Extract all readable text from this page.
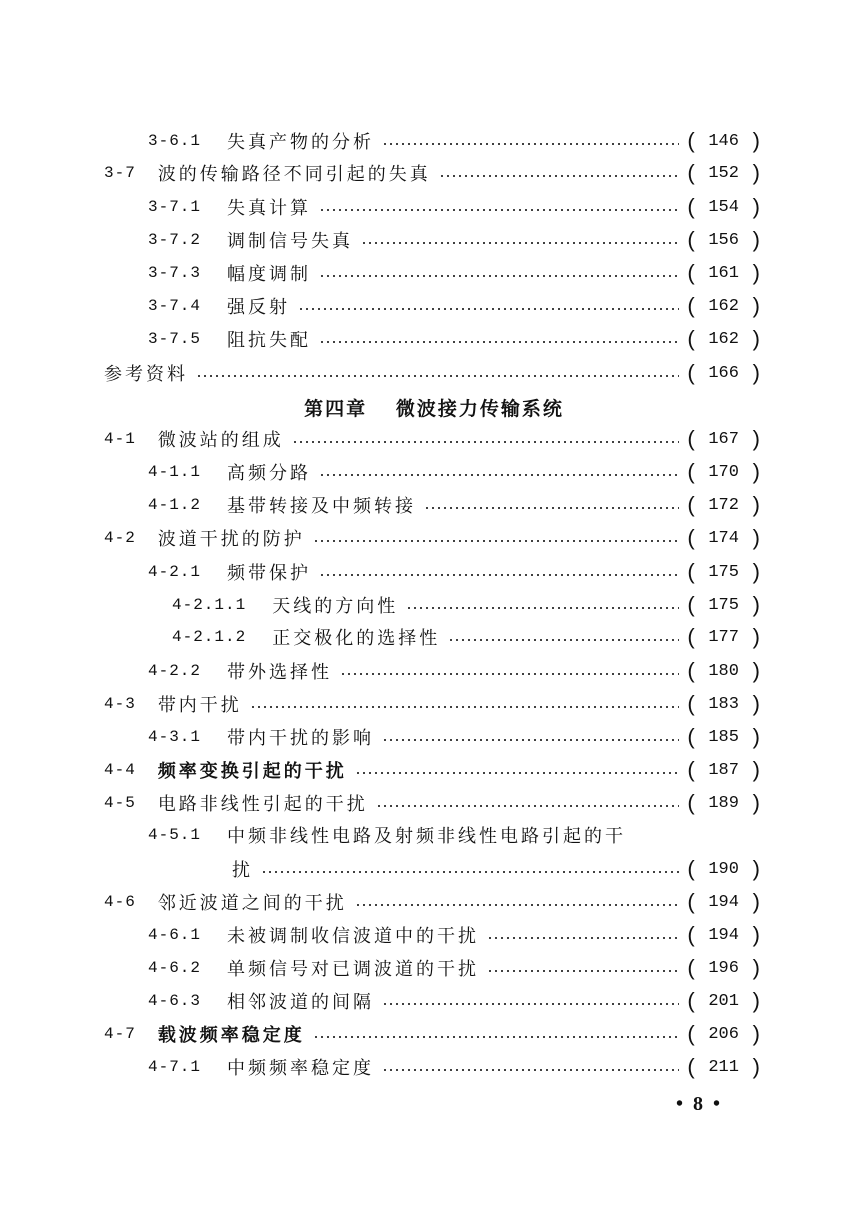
第四章 微波接力传输系统
3-6.1 失真产物的分析	( 146 )
3-7 波的传输路径不同引起的失真	( 152 )
3-7.1 失真计算	( 154 )
3-7.2 调制信号失真	( 156 )
3-7.3 幅度调制	( 161 )
3-7.4 强反射	( 162 )
3-7.5 阻抗失配	( 162 )
参考资料	( 166 )
4-1 微波站的组成	( 167 )
4-1.1 高频分路	( 170 )
4-1.2 基带转接及中频转接	( 172 )
4-2 波道干扰的防护	( 174 )
4-2.1 频带保护	( 175 )
4-2.1.1 天线的方向性	( 175 )
4-2.1.2 正交极化的选择性	( 177 )
4-2.2 带外选择性	( 180 )
4-3 带内干扰	( 183 )
4-3.1 带内干扰的影响	( 185 )
4-4 频率变换引起的干扰	( 187 )
4-5 电路非线性引起的干扰	( 189 )
4-5.1 中频非线性电路及射频非线性电路引起的干
扰	( 190 )
4-6 邻近波道之间的干扰	( 194 )
4-6.1 未被调制收信波道中的干扰	( 194 )
4-6.2 单频信号对已调波道的干扰	( 196 )
4-6.3 相邻波道的间隔	( 201 )
4-7 载波频率稳定度	( 206 )
4-7.1 中频频率稳定度	( 211 )
•8•
